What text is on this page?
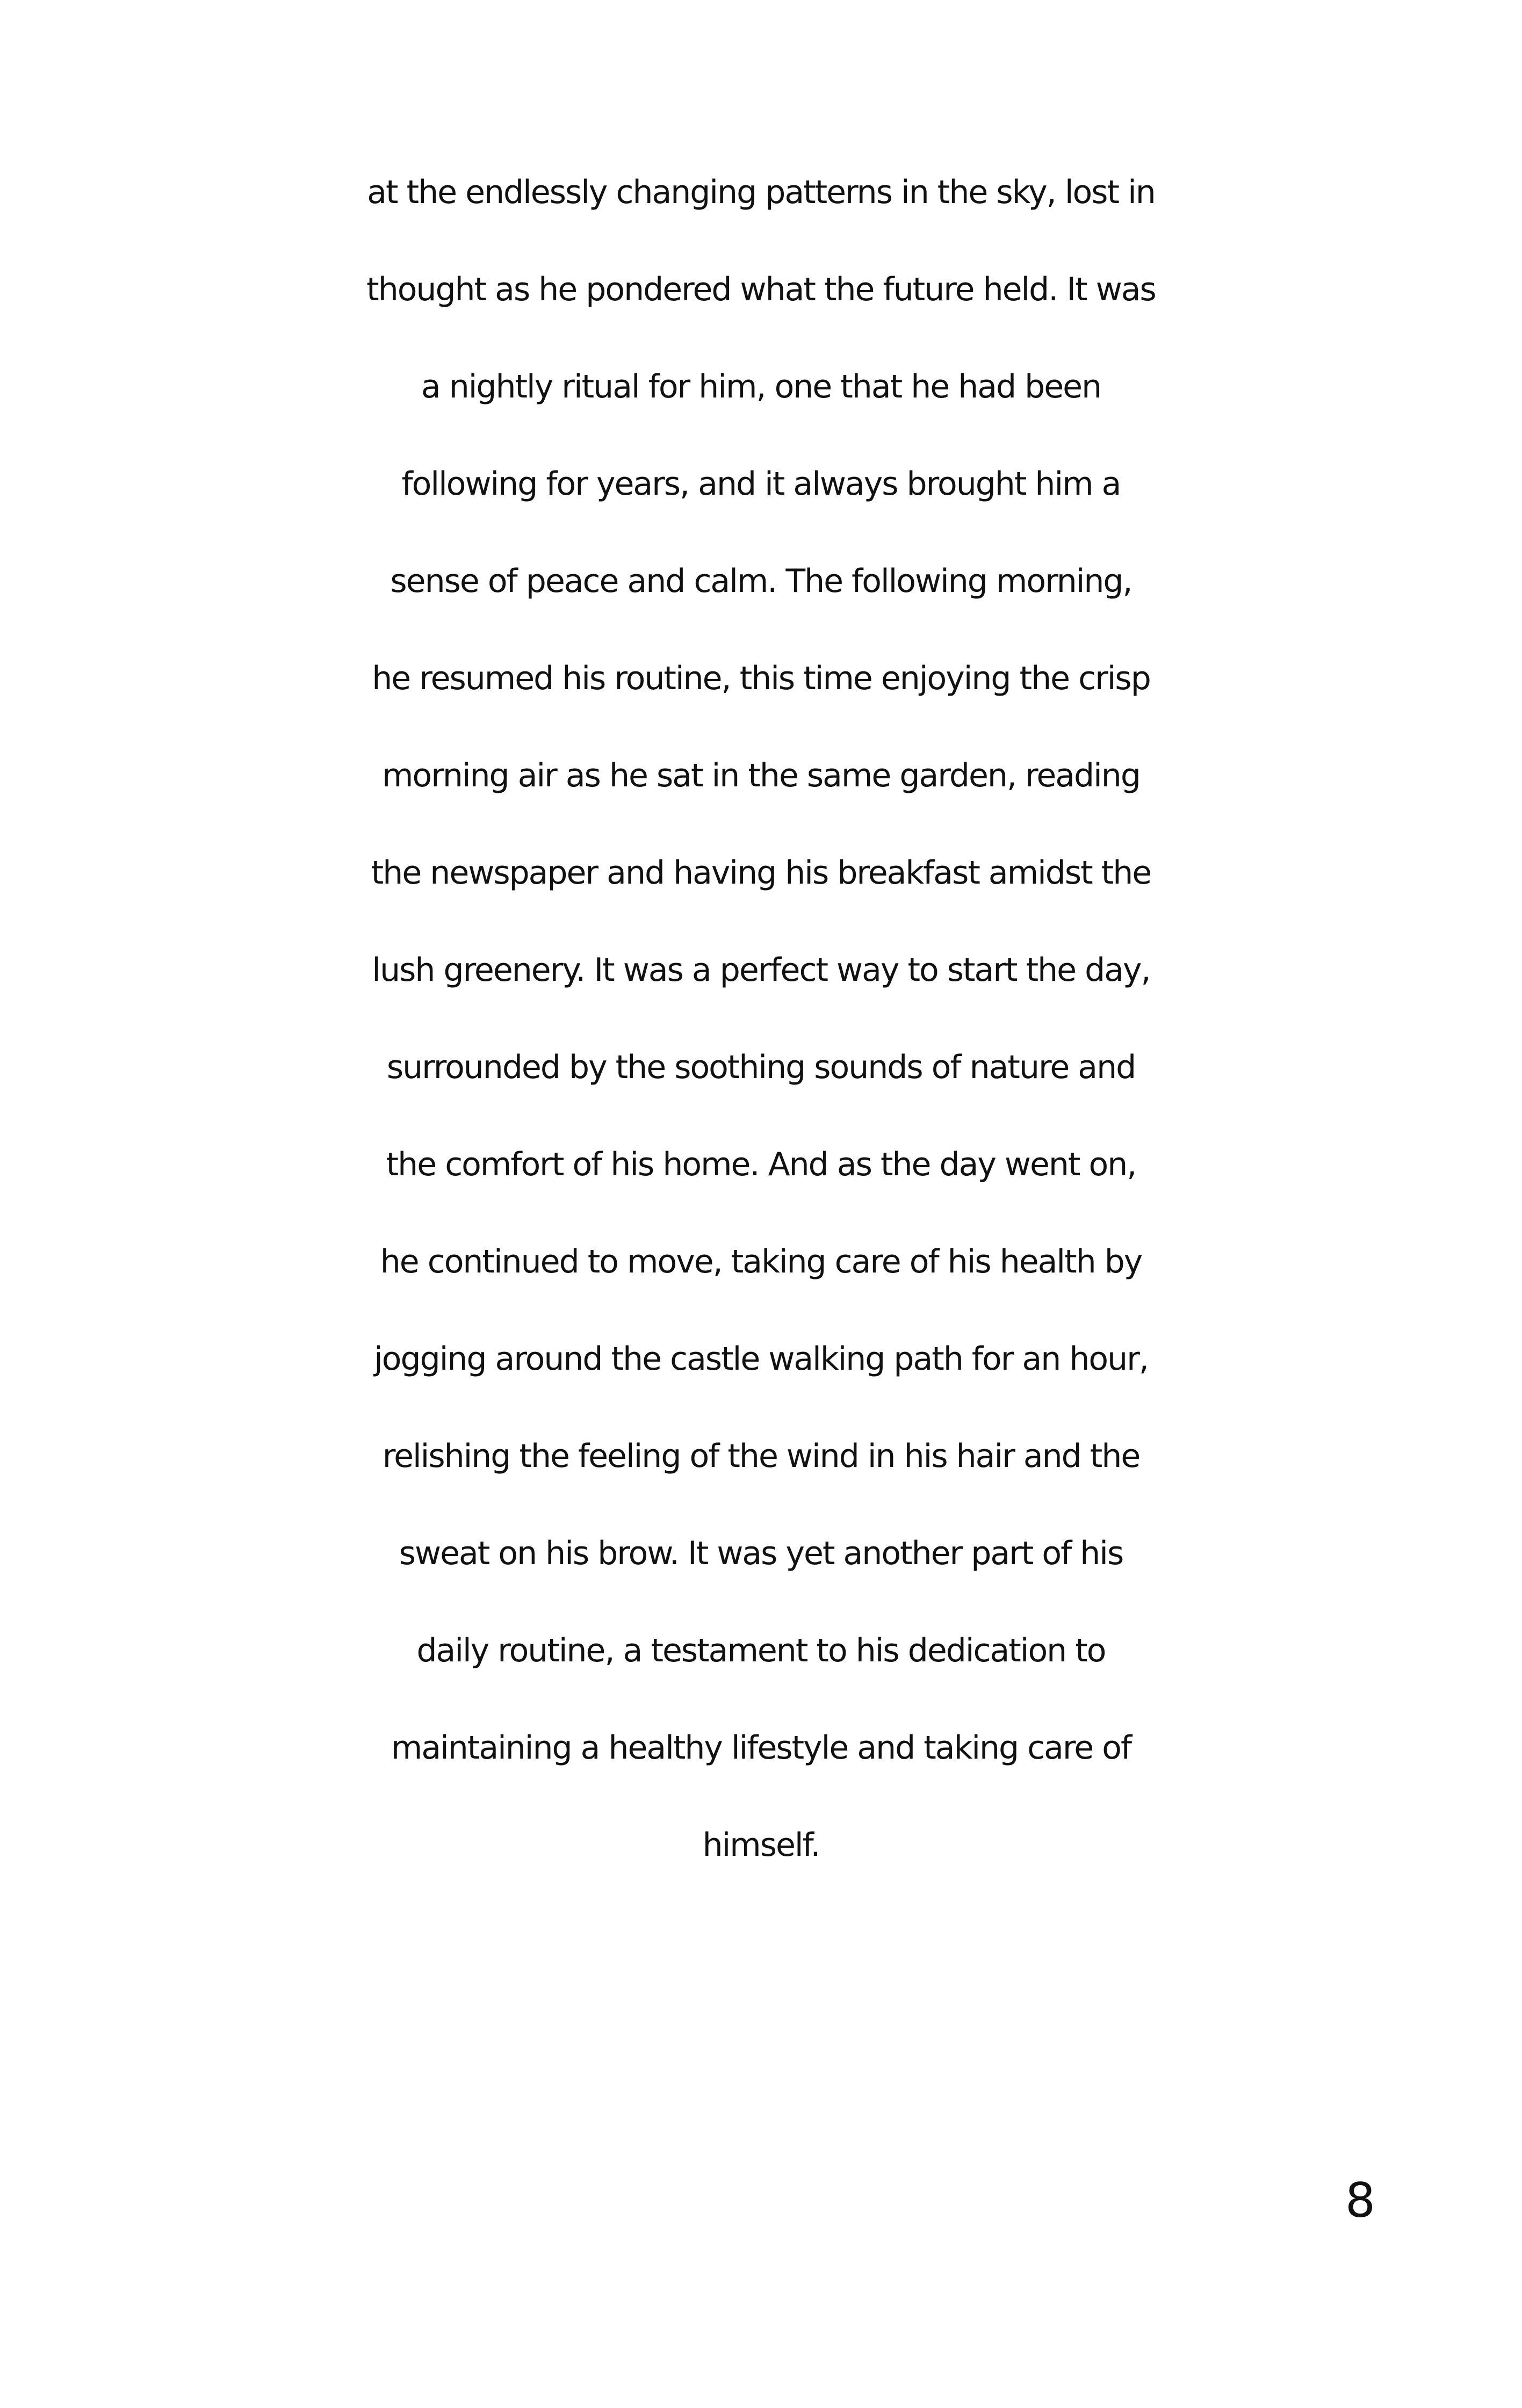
at the endlessly changing patterns in the sky, lost in
thought as he pondered what the future held. It was
a nightly ritual for him, one that he had been
following for years, and it always brought him a
sense of peace and calm. The following morning,
he resumed his routine, this time enjoying the crisp
morning air as he sat in the same garden, reading
the newspaper and having his breakfast amidst the
lush greenery. It was a perfect way to start the day,
surrounded by the soothing sounds of nature and
the comfort of his home. And as the day went on,
he continued to move, taking care of his health by
jogging around the castle walking path for an hour,
relishing the feeling of the wind in his hair and the
sweat on his brow. It was yet another part of his
daily routine, a testament to his dedication to
maintaining a healthy lifestyle and taking care of
himself.
8
